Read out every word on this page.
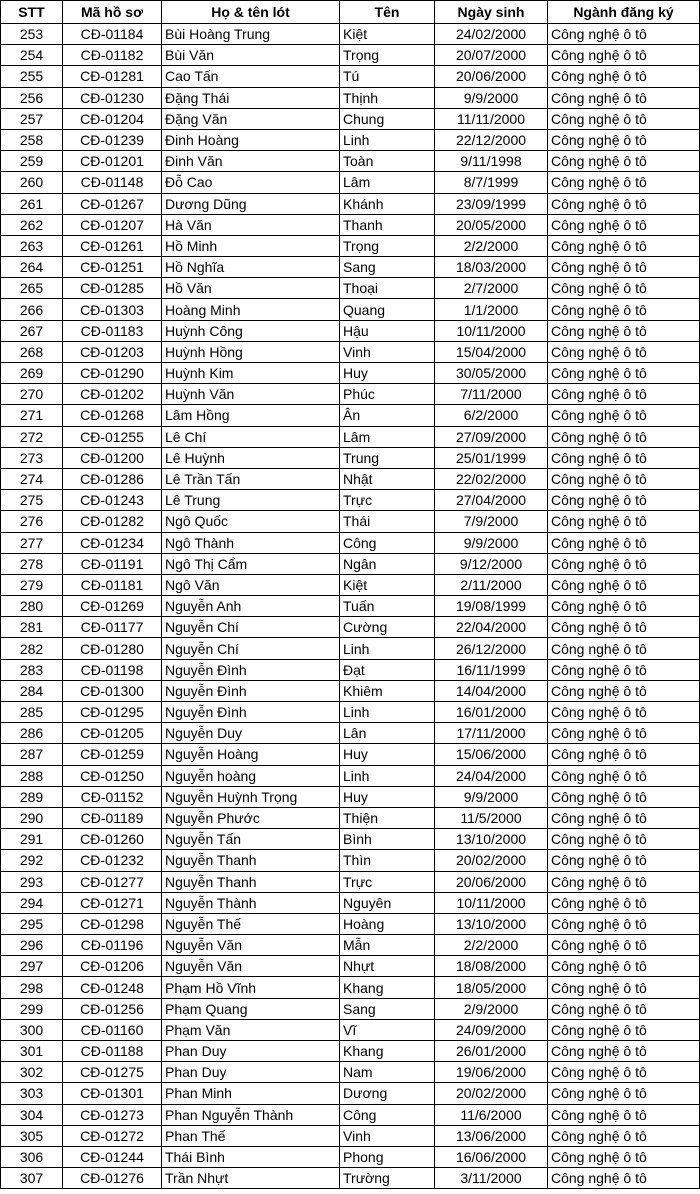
STT	Mã hồ sơ	Họ & tên lót	Tên	Ngày sinh	Ngành đăng ký
253	CĐ-01184	Bùi Hoàng Trung	Kiệt	24/02/2000	Công nghệ ô tô
254	CĐ-01182	Bùi Văn	Trọng	20/07/2000	Công nghệ ô tô
255	CĐ-01281	Cao Tấn	Tú	20/06/2000	Công nghệ ô tô
256	CĐ-01230	Đặng Thái	Thịnh	9/9/2000	Công nghệ ô tô
257	CĐ-01204	Đặng Văn	Chung	11/11/2000	Công nghệ ô tô
258	CĐ-01239	Đinh Hoàng	Linh	22/12/2000	Công nghệ ô tô
259	CĐ-01201	Đinh Văn	Toàn	9/11/1998	Công nghệ ô tô
260	CĐ-01148	Đỗ Cao	Lâm	8/7/1999	Công nghệ ô tô
261	CĐ-01267	Dương Dũng	Khánh	23/09/1999	Công nghệ ô tô
262	CĐ-01207	Hà Văn	Thanh	20/05/2000	Công nghệ ô tô
263	CĐ-01261	Hồ Minh	Trọng	2/2/2000	Công nghệ ô tô
264	CĐ-01251	Hồ Nghĩa	Sang	18/03/2000	Công nghệ ô tô
265	CĐ-01285	Hồ Văn	Thoại	2/7/2000	Công nghệ ô tô
266	CĐ-01303	Hoàng Minh	Quang	1/1/2000	Công nghệ ô tô
267	CĐ-01183	Huỳnh Công	Hậu	10/11/2000	Công nghệ ô tô
268	CĐ-01203	Huỳnh Hồng	Vinh	15/04/2000	Công nghệ ô tô
269	CĐ-01290	Huỳnh Kim	Huy	30/05/2000	Công nghệ ô tô
270	CĐ-01202	Huỳnh Văn	Phúc	7/11/2000	Công nghệ ô tô
271	CĐ-01268	Lâm Hồng	Ân	6/2/2000	Công nghệ ô tô
272	CĐ-01255	Lê Chí	Lâm	27/09/2000	Công nghệ ô tô
273	CĐ-01200	Lê Huỳnh	Trung	25/01/1999	Công nghệ ô tô
274	CĐ-01286	Lê Trần Tấn	Nhật	22/02/2000	Công nghệ ô tô
275	CĐ-01243	Lê Trung	Trực	27/04/2000	Công nghệ ô tô
276	CĐ-01282	Ngô Quốc	Thái	7/9/2000	Công nghệ ô tô
277	CĐ-01234	Ngô Thành	Công	9/9/2000	Công nghệ ô tô
278	CĐ-01191	Ngô Thị Cẩm	Ngân	9/12/2000	Công nghệ ô tô
279	CĐ-01181	Ngô Văn	Kiệt	2/11/2000	Công nghệ ô tô
280	CĐ-01269	Nguyễn Anh	Tuấn	19/08/1999	Công nghệ ô tô
281	CĐ-01177	Nguyễn Chí	Cường	22/04/2000	Công nghệ ô tô
282	CĐ-01280	Nguyễn Chí	Linh	26/12/2000	Công nghệ ô tô
283	CĐ-01198	Nguyễn Đình	Đạt	16/11/1999	Công nghệ ô tô
284	CĐ-01300	Nguyễn Đình	Khiêm	14/04/2000	Công nghệ ô tô
285	CĐ-01295	Nguyễn Đình	Linh	16/01/2000	Công nghệ ô tô
286	CĐ-01205	Nguyễn Duy	Lân	17/11/2000	Công nghệ ô tô
287	CĐ-01259	Nguyễn Hoàng	Huy	15/06/2000	Công nghệ ô tô
288	CĐ-01250	Nguyễn hoàng	Linh	24/04/2000	Công nghệ ô tô
289	CĐ-01152	Nguyễn Huỳnh Trọng	Huy	9/9/2000	Công nghệ ô tô
290	CĐ-01189	Nguyễn Phước	Thiện	11/5/2000	Công nghệ ô tô
291	CĐ-01260	Nguyễn Tấn	Bình	13/10/2000	Công nghệ ô tô
292	CĐ-01232	Nguyễn Thanh	Thìn	20/02/2000	Công nghệ ô tô
293	CĐ-01277	Nguyễn Thanh	Trực	20/06/2000	Công nghệ ô tô
294	CĐ-01271	Nguyễn Thành	Nguyên	10/11/2000	Công nghệ ô tô
295	CĐ-01298	Nguyễn Thế	Hoàng	13/10/2000	Công nghệ ô tô
296	CĐ-01196	Nguyễn Văn	Mẫn	2/2/2000	Công nghệ ô tô
297	CĐ-01206	Nguyễn Văn	Nhựt	18/08/2000	Công nghệ ô tô
298	CĐ-01248	Phạm Hồ Vĩnh	Khang	18/05/2000	Công nghệ ô tô
299	CĐ-01256	Phạm Quang	Sang	2/9/2000	Công nghệ ô tô
300	CĐ-01160	Phạm Văn	Vĩ	24/09/2000	Công nghệ ô tô
301	CĐ-01188	Phan Duy	Khang	26/01/2000	Công nghệ ô tô
302	CĐ-01275	Phan Duy	Nam	19/06/2000	Công nghệ ô tô
303	CĐ-01301	Phan Minh	Dương	20/02/2000	Công nghệ ô tô
304	CĐ-01273	Phan Nguyễn Thành	Công	11/6/2000	Công nghệ ô tô
305	CĐ-01272	Phan Thế	Vinh	13/06/2000	Công nghệ ô tô
306	CĐ-01244	Thái Bình	Phong	16/06/2000	Công nghệ ô tô
307	CĐ-01276	Trần Nhựt	Trường	3/11/2000	Công nghệ ô tô
